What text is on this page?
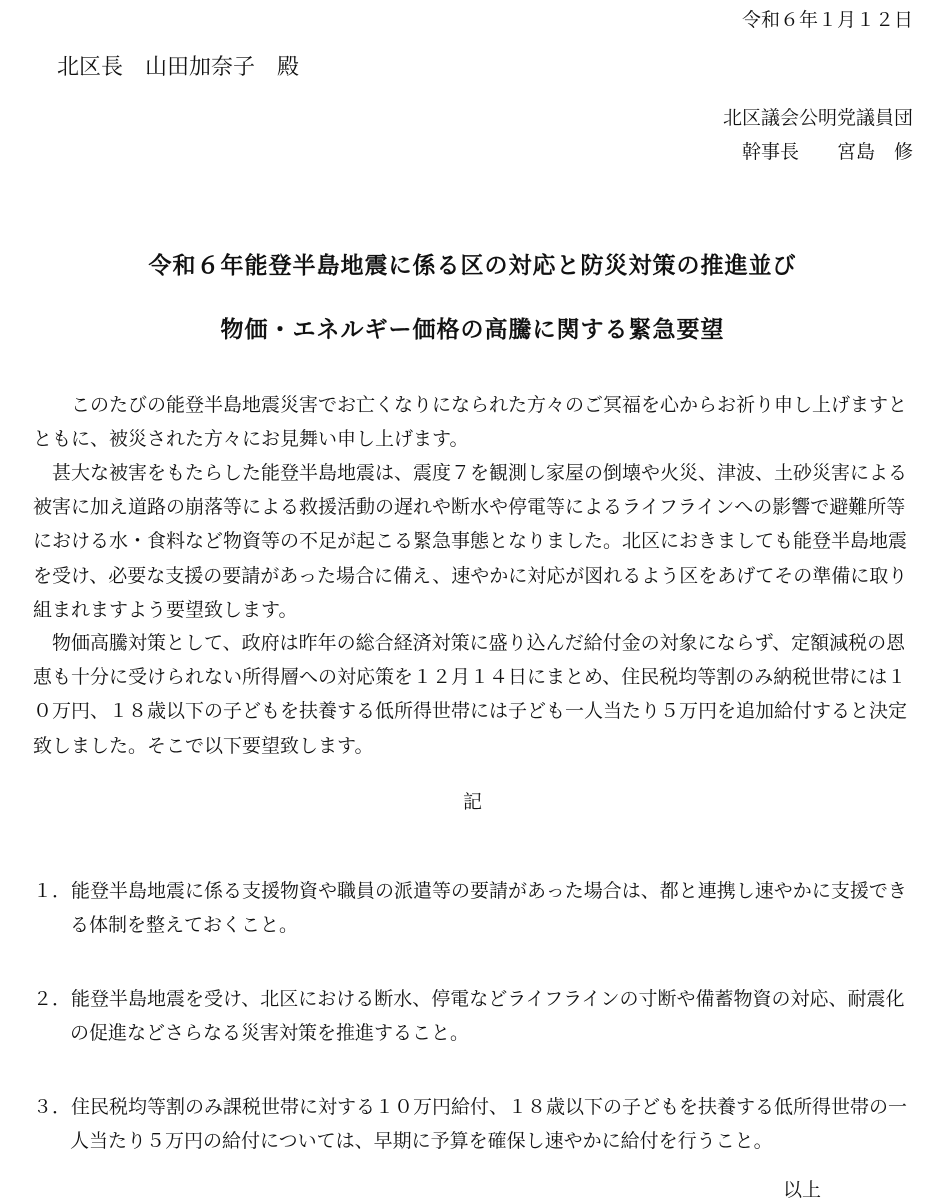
令和６年１月１２日
北区長　山田加奈子　殿
北区議会公明党議員団
幹事長　　宮島　修
令和６年能登半島地震に係る区の対応と防災対策の推進並び
物価・エネルギー価格の高騰に関する緊急要望

このたびの能登半島地震災害でお亡くなりになられた方々のご冥福を心からお祈り申し上げますとともに、被災された方々にお見舞い申し上げます。

甚大な被害をもたらした能登半島地震は、震度７を観測し家屋の倒壊や火災、津波、土砂災害による被害に加え道路の崩落等による救援活動の遅れや断水や停電等によるライフラインへの影響で避難所等における水・食料など物資等の不足が起こる緊急事態となりました。北区におきましても能登半島地震を受け、必要な支援の要請があった場合に備え、速やかに対応が図れるよう区をあげてその準備に取り組まれますよう要望致します。

物価高騰対策として、政府は昨年の総合経済対策に盛り込んだ給付金の対象にならず、定額減税の恩恵も十分に受けられない所得層への対応策を１２月１４日にまとめ、住民税均等割のみ納税世帯には１０万円、１８歳以下の子どもを扶養する低所得世帯には子ども一人当たり５万円を追加給付すると決定致しました。そこで以下要望致します。

記
１．能登半島地震に係る支援物資や職員の派遣等の要請があった場合は、都と連携し速やかに支援できる体制を整えておくこと。
２．能登半島地震を受け、北区における断水、停電などライフラインの寸断や備蓄物資の対応、耐震化の促進などさらなる災害対策を推進すること。
３．住民税均等割のみ課税世帯に対する１０万円給付、１８歳以下の子どもを扶養する低所得世帯の一人当たり５万円の給付については、早期に予算を確保し速やかに給付を行うこと。
以上
